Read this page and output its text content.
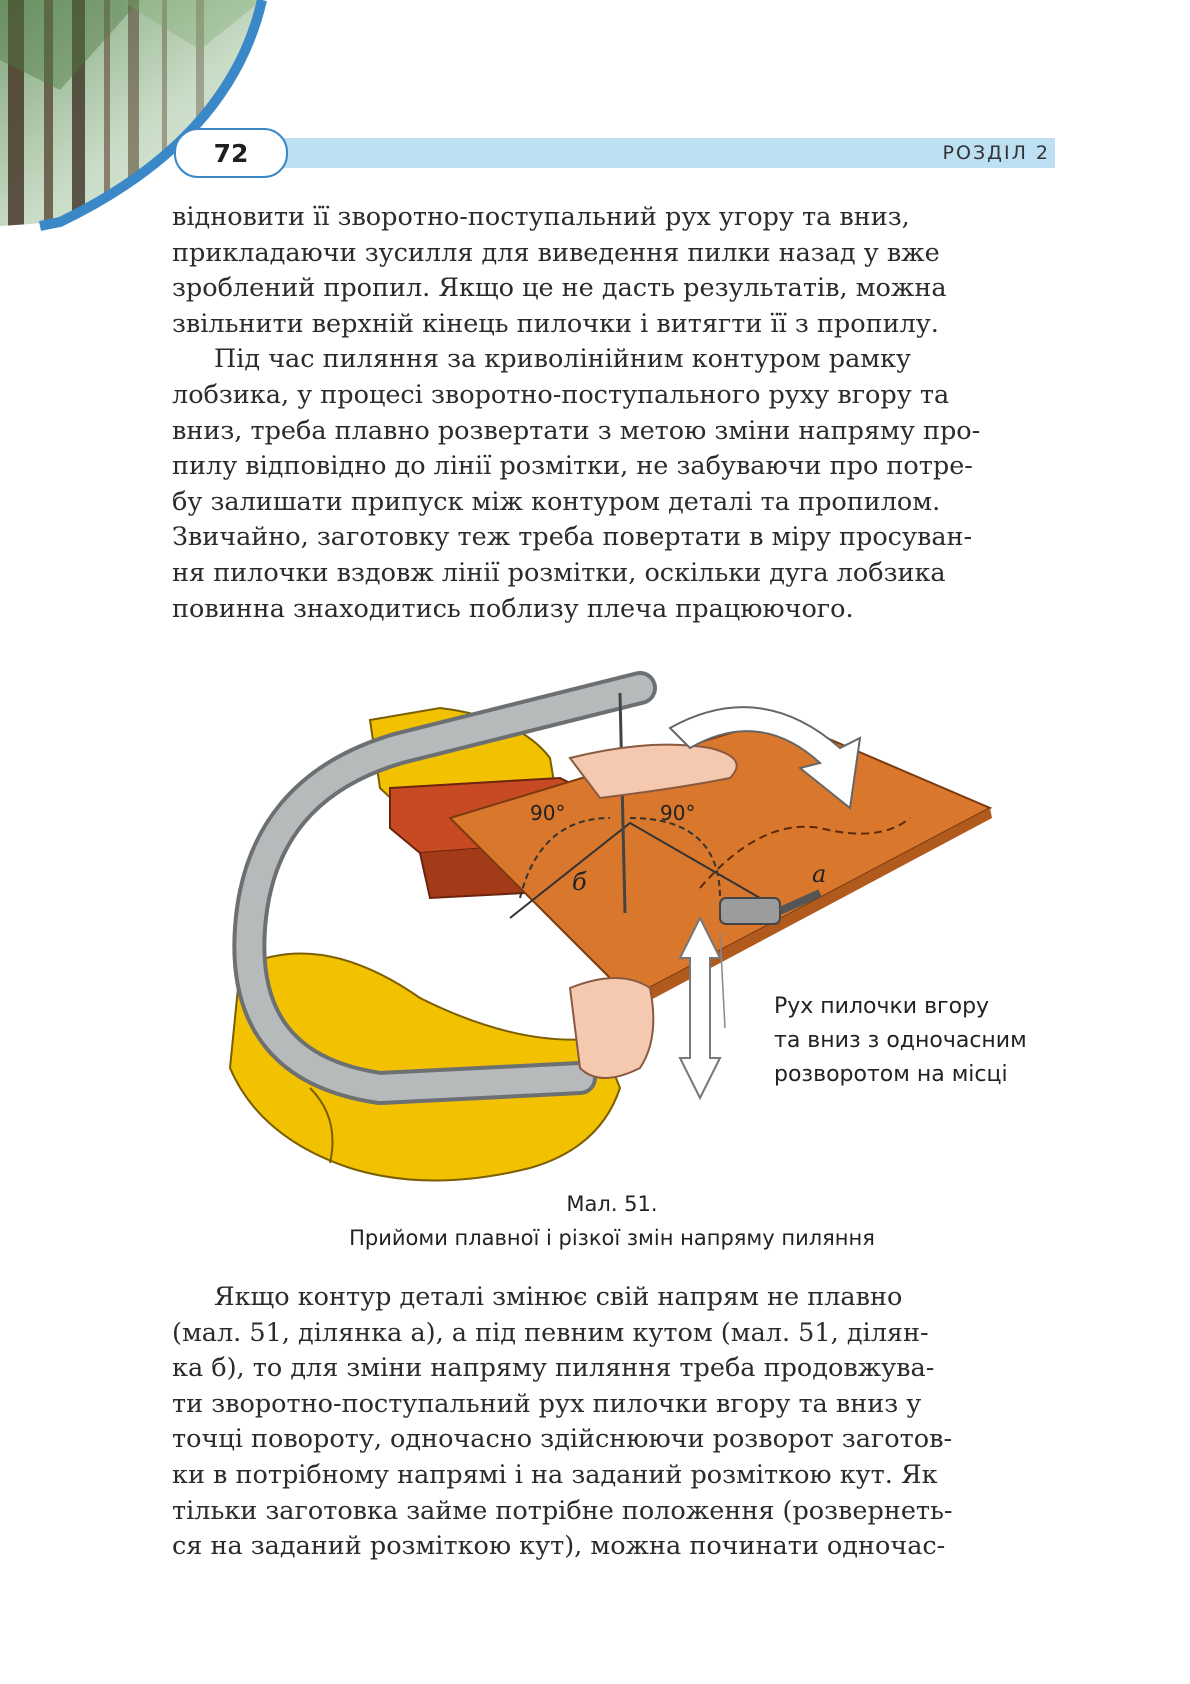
72	РОЗДІЛ 2

відновити її зворотно-поступальний рух угору та вниз,

прикладаючи зусилля для виведення пилки назад у вже

зроблений пропил. Якщо це не дасть результатів, можна

звільнити верхній кінець пилочки і витягти її з пропилу.

Під час пиляння за криволінійним контуром рамку

лобзика, у процесі зворотно-поступального руху вгору та

вниз, треба плавно розвертати з метою зміни напряму про-

пилу відповідно до лінії розмітки, не забуваючи про потре-

бу залишати припуск між контуром деталі та пропилом.

Звичайно, заготовку теж треба повертати в міру просуван-

ня пилочки вздовж лінії розмітки, оскільки дуга лобзика

повинна знаходитись поблизу плеча працюючого.

90°	90°
б	а
Рух пилочки вгору
та вниз з одночасним
розворотом на місці
Мал. 51.
Прийоми плавної і різкої змін напряму пиляння

Якщо контур деталі змінює свій напрям не плавно

(мал. 51, ділянка а), а під певним кутом (мал. 51, ділян-

ка б), то для зміни напряму пиляння треба продовжува-

ти зворотно-поступальний рух пилочки вгору та вниз у

точці повороту, одночасно здійснюючи розворот заготов-

ки в потрібному напрямі і на заданий розміткою кут. Як

тільки заготовка займе потрібне положення (розвернеть-

ся на заданий розміткою кут), можна починати одночас-
